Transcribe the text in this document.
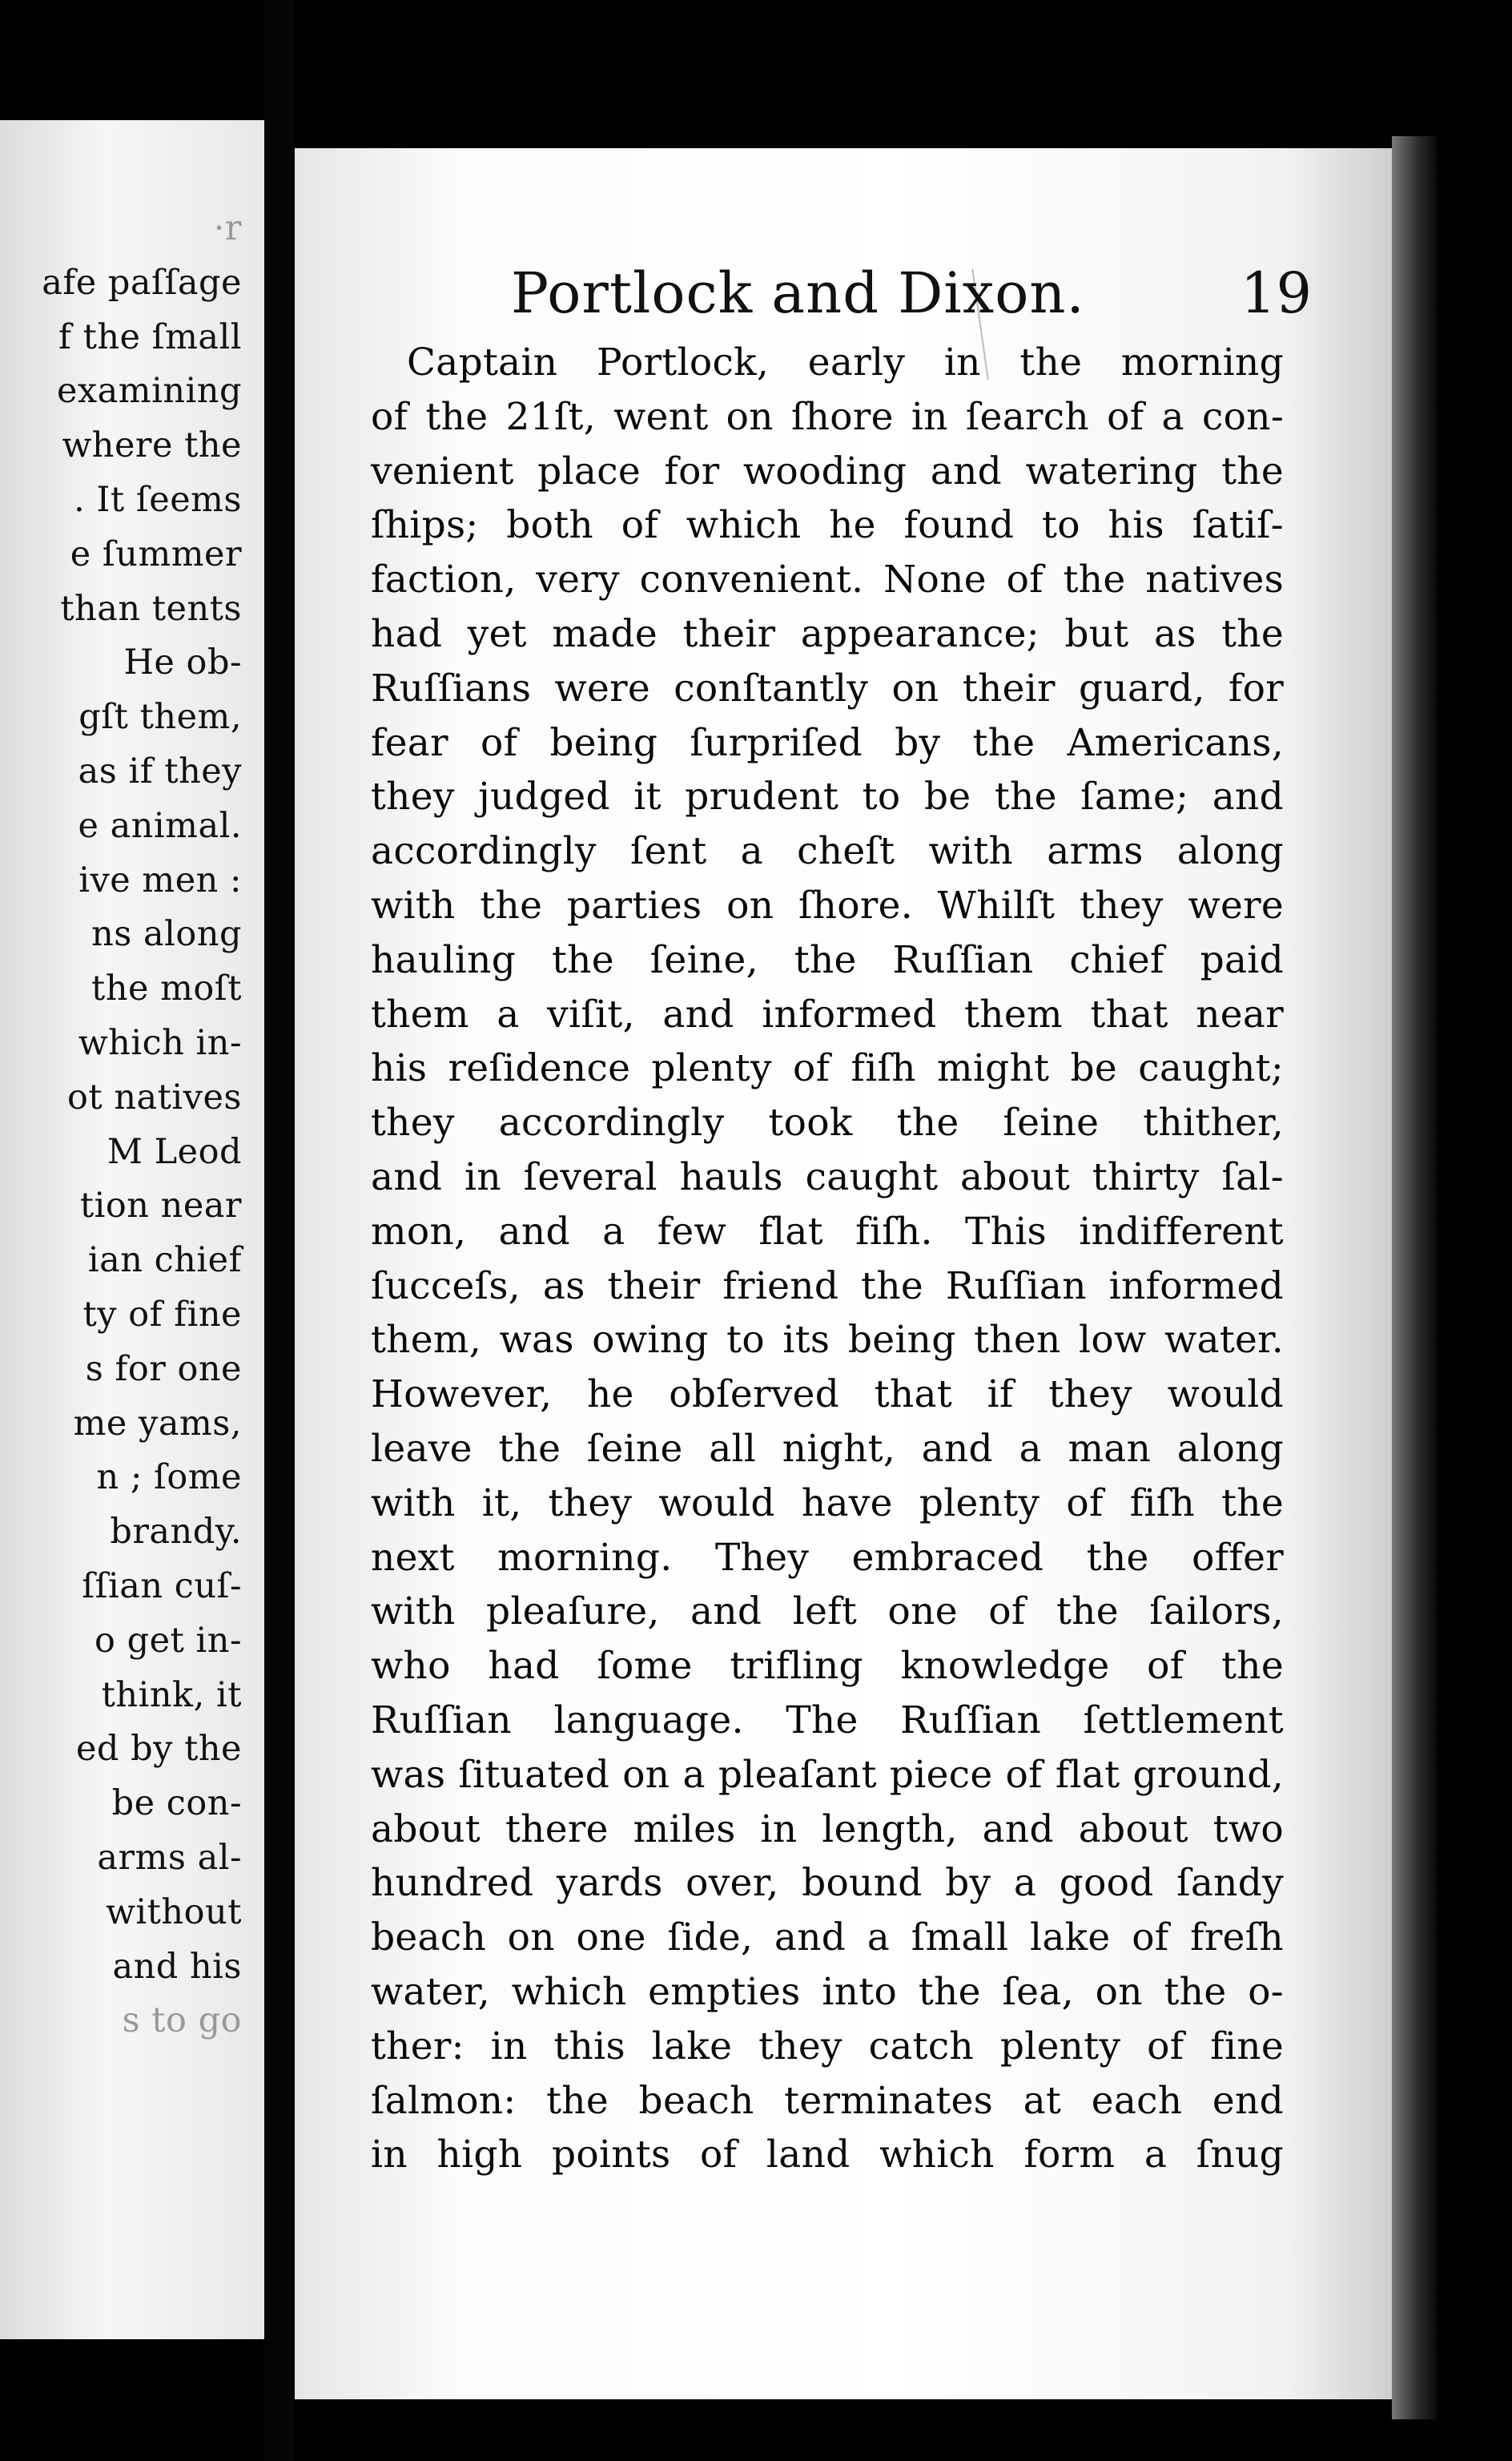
·r
afe paſſage
f the ſmall
examining
where the
. It ſeems
e ſummer
than tents
He ob-
gſt them,
as if they
e animal.
ive men :
ns along
the moſt
which in-
ot natives
M Leod
tion near
ian chief
ty of fine
s for one
me yams,
n ; ſome
brandy.
ſſian cuſ-
o get in-
think, it
ed by the
be con-
arms al-
without
and his
s to go
Portlock and Dixon.	19
Captain Portlock, early in the morning
of the 21ſt, went on ſhore in ſearch of a con-
venient place for wooding and watering the
ſhips; both of which he found to his ſatiſ-
faction, very convenient. None of the natives
had yet made their appearance; but as the
Ruſſians were conſtantly on their guard, for
fear of being ſurpriſed by the Americans,
they judged it prudent to be the ſame; and
accordingly ſent a cheſt with arms along
with the parties on ſhore. Whilſt they were
hauling the ſeine, the Ruſſian chief paid
them a viſit, and informed them that near
his reſidence plenty of fiſh might be caught;
they accordingly took the ſeine thither,
and in ſeveral hauls caught about thirty ſal-
mon, and a few flat fiſh. This indifferent
ſucceſs, as their friend the Ruſſian informed
them, was owing to its being then low water.
However, he obſerved that if they would
leave the ſeine all night, and a man along
with it, they would have plenty of fiſh the
next morning. They embraced the offer
with pleaſure, and left one of the ſailors,
who had ſome trifling knowledge of the
Ruſſian language. The Ruſſian ſettlement
was ſituated on a pleaſant piece of flat ground,
about there miles in length, and about two
hundred yards over, bound by a good ſandy
beach on one ſide, and a ſmall lake of freſh
water, which empties into the ſea, on the o-
ther: in this lake they catch plenty of fine
ſalmon: the beach terminates at each end
in high points of land which form a ſnug
